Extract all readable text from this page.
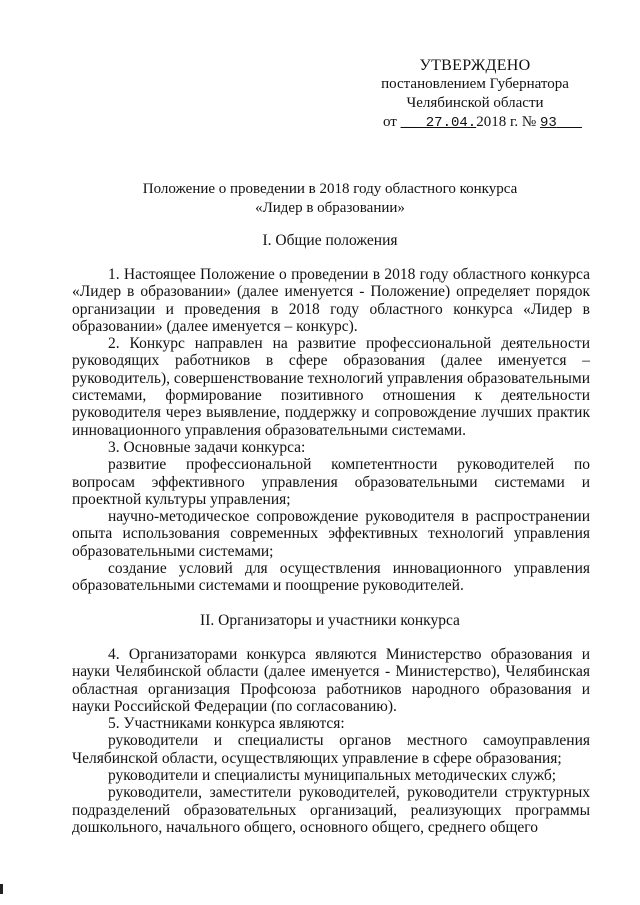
УТВЕРЖДЕНО
постановлением Губернатора
Челябинской области
от __ 27.04.2018 г. № 93
Положение о проведении в 2018 году областного конкурса
«Лидер в образовании»
I. Общие положения

1. Настоящее Положение о проведении в 2018 году областного конкурса «Лидер в образовании» (далее именуется - Положение) определяет порядок организации и проведения в 2018 году областного конкурса «Лидер в образовании» (далее именуется – конкурс).

2. Конкурс направлен на развитие профессиональной деятельности руководящих работников в сфере образования (далее именуется – руководитель), совершенствование технологий управления образовательными системами, формирование позитивного отношения к деятельности руководителя через выявление, поддержку и сопровождение лучших практик инновационного управления образовательными системами.

3. Основные задачи конкурса:

развитие профессиональной компетентности руководителей по вопросам эффективного управления образовательными системами и проектной культуры управления;

научно-методическое сопровождение руководителя в распространении опыта использования современных эффективных технологий управления образовательными системами;

создание условий для осуществления инновационного управления образовательными системами и поощрение руководителей.

II. Организаторы и участники конкурса

4. Организаторами конкурса являются Министерство образования и науки Челябинской области (далее именуется - Министерство), Челябинская областная организация Профсоюза работников народного образования и науки Российской Федерации (по согласованию).

5. Участниками конкурса являются:

руководители и специалисты органов местного самоуправления Челябинской области, осуществляющих управление в сфере образования;

руководители и специалисты муниципальных методических служб;

руководители, заместители руководителей, руководители структурных подразделений образовательных организаций, реализующих программы дошкольного, начального общего, основного общего, среднего общего
